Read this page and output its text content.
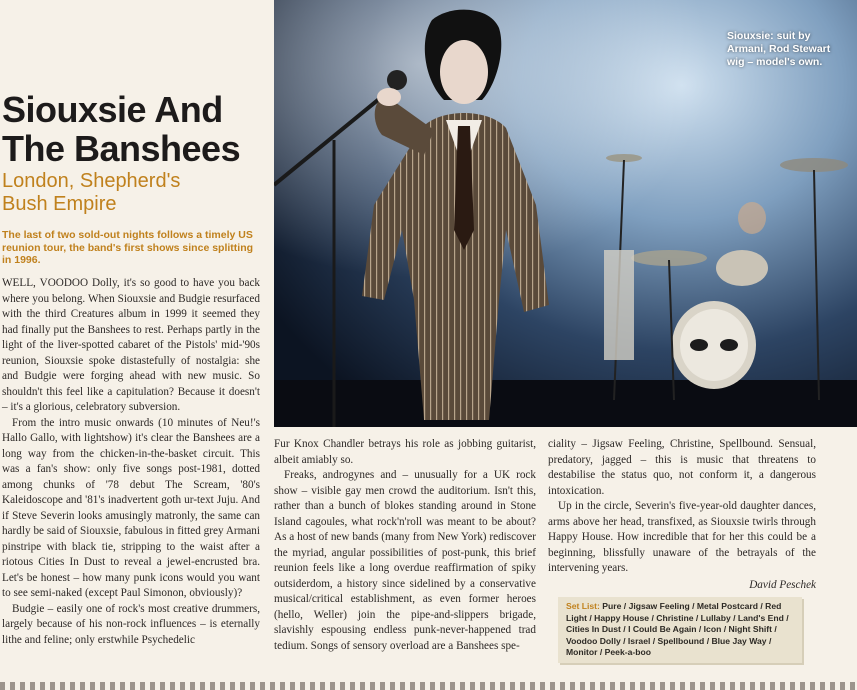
Siouxsie: suit by Armani, Rod Stewart wig – model's own.
Siouxsie And
The Banshees
London, Shepherd's
Bush Empire
The last of two sold-out nights follows a timely US reunion tour, the band's first shows since splitting in 1996.

WELL, VOODOO Dolly, it's so good to have you back where you belong. When Siouxsie and Budgie resurfaced with the third Creatures album in 1999 it seemed they had finally put the Banshees to rest. Perhaps partly in the light of the liver-spotted cabaret of the Pistols' mid-'90s reunion, Siouxsie spoke distastefully of nostalgia: she and Budgie were forging ahead with new music. So shouldn't this feel like a capitulation? Because it doesn't – it's a glorious, celebratory subversion.

From the intro music onwards (10 minutes of Neu!'s Hallo Gallo, with lightshow) it's clear the Banshees are a long way from the chicken-in-the-basket circuit. This was a fan's show: only five songs post-1981, dotted among chunks of '78 debut The Scream, '80's Kaleidoscope and '81's inadvertent goth ur-text Juju. And if Steve Severin looks amusingly matronly, the same can hardly be said of Siouxsie, fabulous in fitted grey Armani pinstripe with black tie, stripping to the waist after a riotous Cities In Dust to reveal a jewel-encrusted bra. Let's be honest – how many punk icons would you want to see semi-naked (except Paul Simonon, obviously)?

Budgie – easily one of rock's most creative drummers, largely because of his non-rock influences – is eternally lithe and feline; only erstwhile Psychedelic

Fur Knox Chandler betrays his role as jobbing guitarist, albeit amiably so.

Freaks, androgynes and – unusually for a UK rock show – visible gay men crowd the auditorium. Isn't this, rather than a bunch of blokes standing around in Stone Island cagoules, what rock'n'roll was meant to be about? As a host of new bands (many from New York) rediscover the myriad, angular possibilities of post-punk, this brief reunion feels like a long overdue reaffirmation of spiky outsiderdom, a history since sidelined by a conservative musical/critical establishment, as even former heroes (hello, Weller) join the pipe-and-slippers brigade, slavishly espousing endless punk-never-happened trad tedium. Songs of sensory overload are a Banshees spe-

ciality – Jigsaw Feeling, Christine, Spellbound. Sensual, predatory, jagged – this is music that threatens to destabilise the status quo, not conform it, a dangerous intoxication.

Up in the circle, Severin's five-year-old daughter dances, arms above her head, transfixed, as Siouxsie twirls through Happy House. How incredible that for her this could be a beginning, blissfully unaware of the betrayals of the intervening years.

David Peschek
Set List: Pure / Jigsaw Feeling / Metal Postcard / Red Light / Happy House / Christine / Lullaby / Land's End / Cities In Dust / I Could Be Again / Icon / Night Shift / Voodoo Dolly / Israel / Spellbound / Blue Jay Way / Monitor / Peek-a-boo
